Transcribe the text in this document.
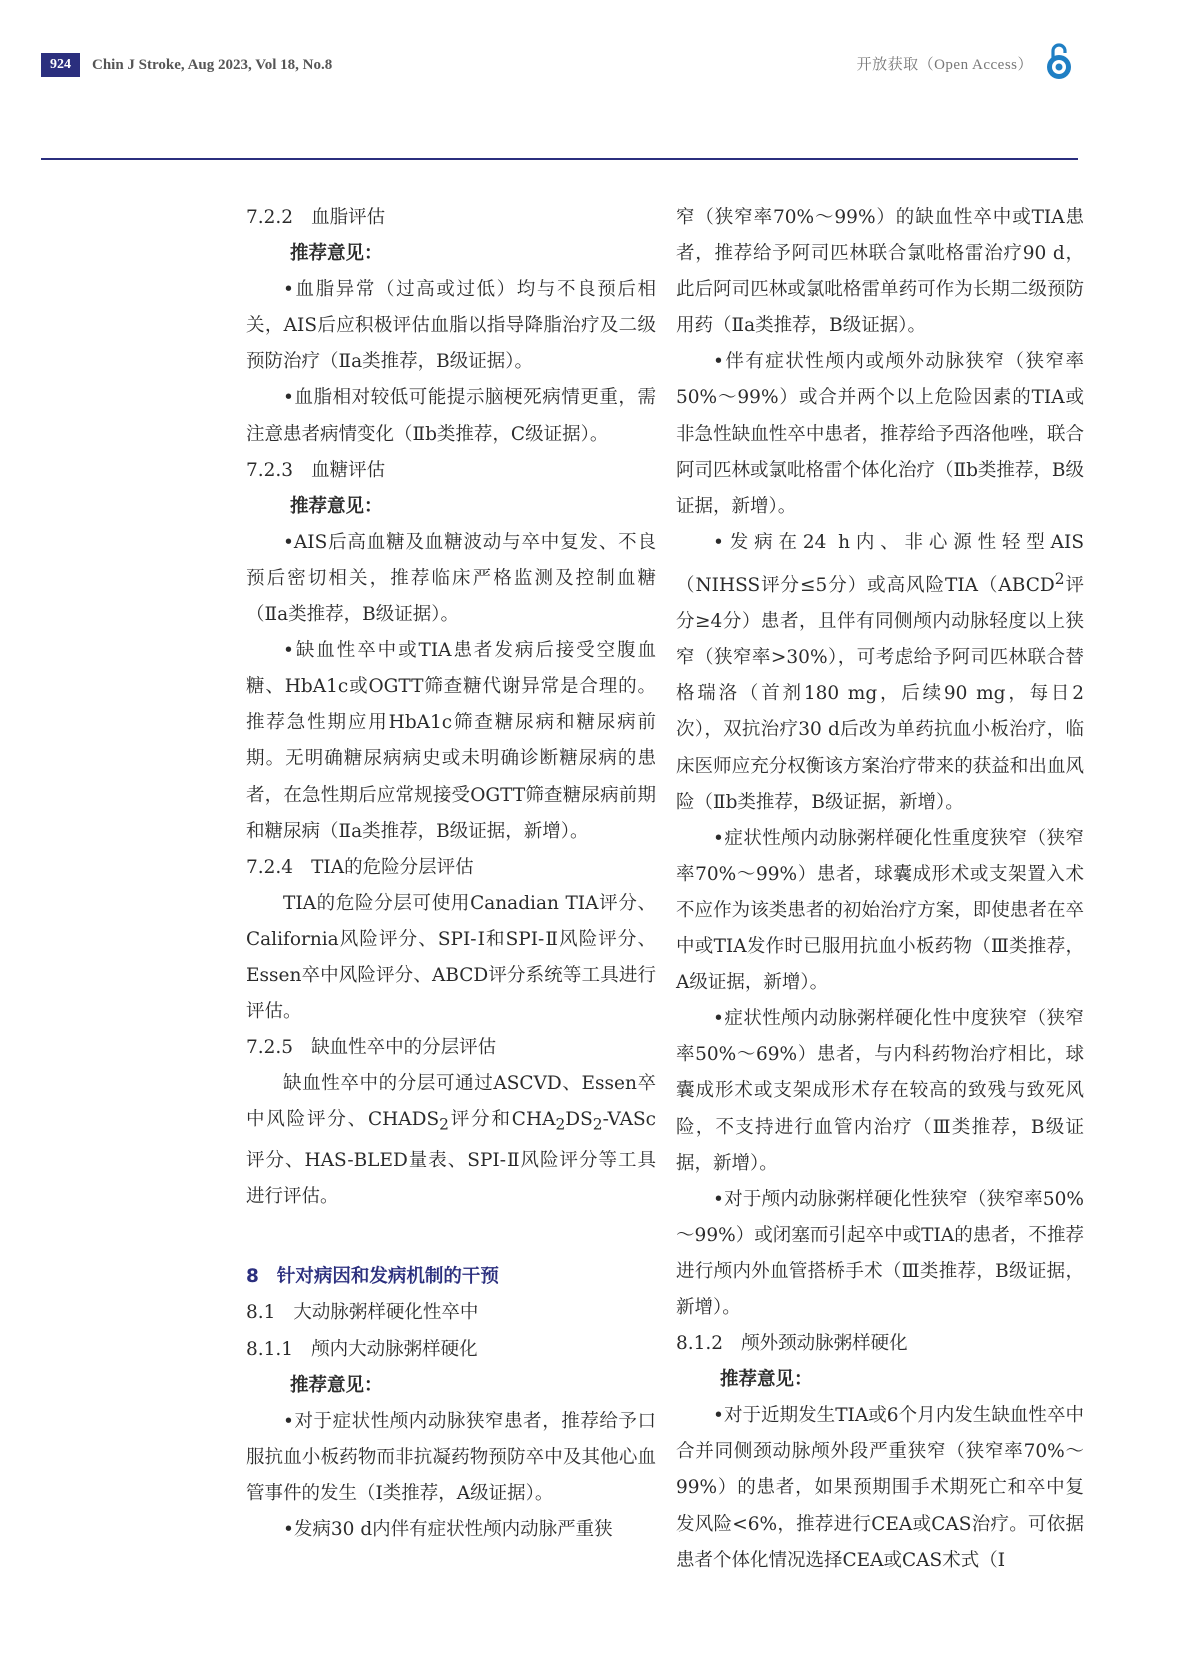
924	Chin J Stroke, Aug 2023, Vol 18, No.8	开放获取（Open Access）

7.2.2 血脂评估

推荐意见：

•血脂异常（过高或过低）均与不良预后相关，AIS后应积极评估血脂以指导降脂治疗及二级预防治疗（Ⅱa类推荐，B级证据）。

•血脂相对较低可能提示脑梗死病情更重，需注意患者病情变化（Ⅱb类推荐，C级证据）。

7.2.3 血糖评估

推荐意见：

•AIS后高血糖及血糖波动与卒中复发、不良预后密切相关，推荐临床严格监测及控制血糖（Ⅱa类推荐，B级证据）。

•缺血性卒中或TIA患者发病后接受空腹血糖、HbA1c或OGTT筛查糖代谢异常是合理的。推荐急性期应用HbA1c筛查糖尿病和糖尿病前期。无明确糖尿病病史或未明确诊断糖尿病的患者，在急性期后应常规接受OGTT筛查糖尿病前期和糖尿病（Ⅱa类推荐，B级证据，新增）。

7.2.4 TIA的危险分层评估

TIA的危险分层可使用Canadian TIA评分、California风险评分、SPI-Ⅰ和SPI-Ⅱ风险评分、Essen卒中风险评分、ABCD评分系统等工具进行评估。

7.2.5 缺血性卒中的分层评估

缺血性卒中的分层可通过ASCVD、Essen卒中风险评分、$CHADS_2$评分和$CHA_2DS_2$-VASc评分、HAS-BLED量表、SPI-Ⅱ风险评分等工具进行评估。

8 针对病因和发病机制的干预

8.1 大动脉粥样硬化性卒中

8.1.1 颅内大动脉粥样硬化

推荐意见：

•对于症状性颅内动脉狭窄患者，推荐给予口服抗血小板药物而非抗凝药物预防卒中及其他心血管事件的发生（Ⅰ类推荐，A级证据）。

•发病30 d内伴有症状性颅内动脉严重狭

窄（狭窄率70%～99%）的缺血性卒中或TIA患者，推荐给予阿司匹林联合氯吡格雷治疗90 d，此后阿司匹林或氯吡格雷单药可作为长期二级预防用药（Ⅱa类推荐，B级证据）。

•伴有症状性颅内或颅外动脉狭窄（狭窄率50%～99%）或合并两个以上危险因素的TIA或非急性缺血性卒中患者，推荐给予西洛他唑，联合阿司匹林或氯吡格雷个体化治疗（Ⅱb类推荐，B级证据，新增）。

•发病在24 h内、非心源性轻型AIS（NIHSS评分≤5分）或高风险TIA（ABCD$^2$评分≥4分）患者，且伴有同侧颅内动脉轻度以上狭窄（狭窄率>30%），可考虑给予阿司匹林联合替格瑞洛（首剂180 mg，后续90 mg，每日2次），双抗治疗30 d后改为单药抗血小板治疗，临床医师应充分权衡该方案治疗带来的获益和出血风险（Ⅱb类推荐，B级证据，新增）。

•症状性颅内动脉粥样硬化性重度狭窄（狭窄率70%～99%）患者，球囊成形术或支架置入术不应作为该类患者的初始治疗方案，即使患者在卒中或TIA发作时已服用抗血小板药物（Ⅲ类推荐，A级证据，新增）。

•症状性颅内动脉粥样硬化性中度狭窄（狭窄率50%～69%）患者，与内科药物治疗相比，球囊成形术或支架成形术存在较高的致残与致死风险，不支持进行血管内治疗（Ⅲ类推荐，B级证据，新增）。

•对于颅内动脉粥样硬化性狭窄（狭窄率50%～99%）或闭塞而引起卒中或TIA的患者，不推荐进行颅内外血管搭桥手术（Ⅲ类推荐，B级证据，新增）。

8.1.2 颅外颈动脉粥样硬化

推荐意见：

•对于近期发生TIA或6个月内发生缺血性卒中合并同侧颈动脉颅外段严重狭窄（狭窄率70%～99%）的患者，如果预期围手术期死亡和卒中复发风险<6%，推荐进行CEA或CAS治疗。可依据患者个体化情况选择CEA或CAS术式（Ⅰ
